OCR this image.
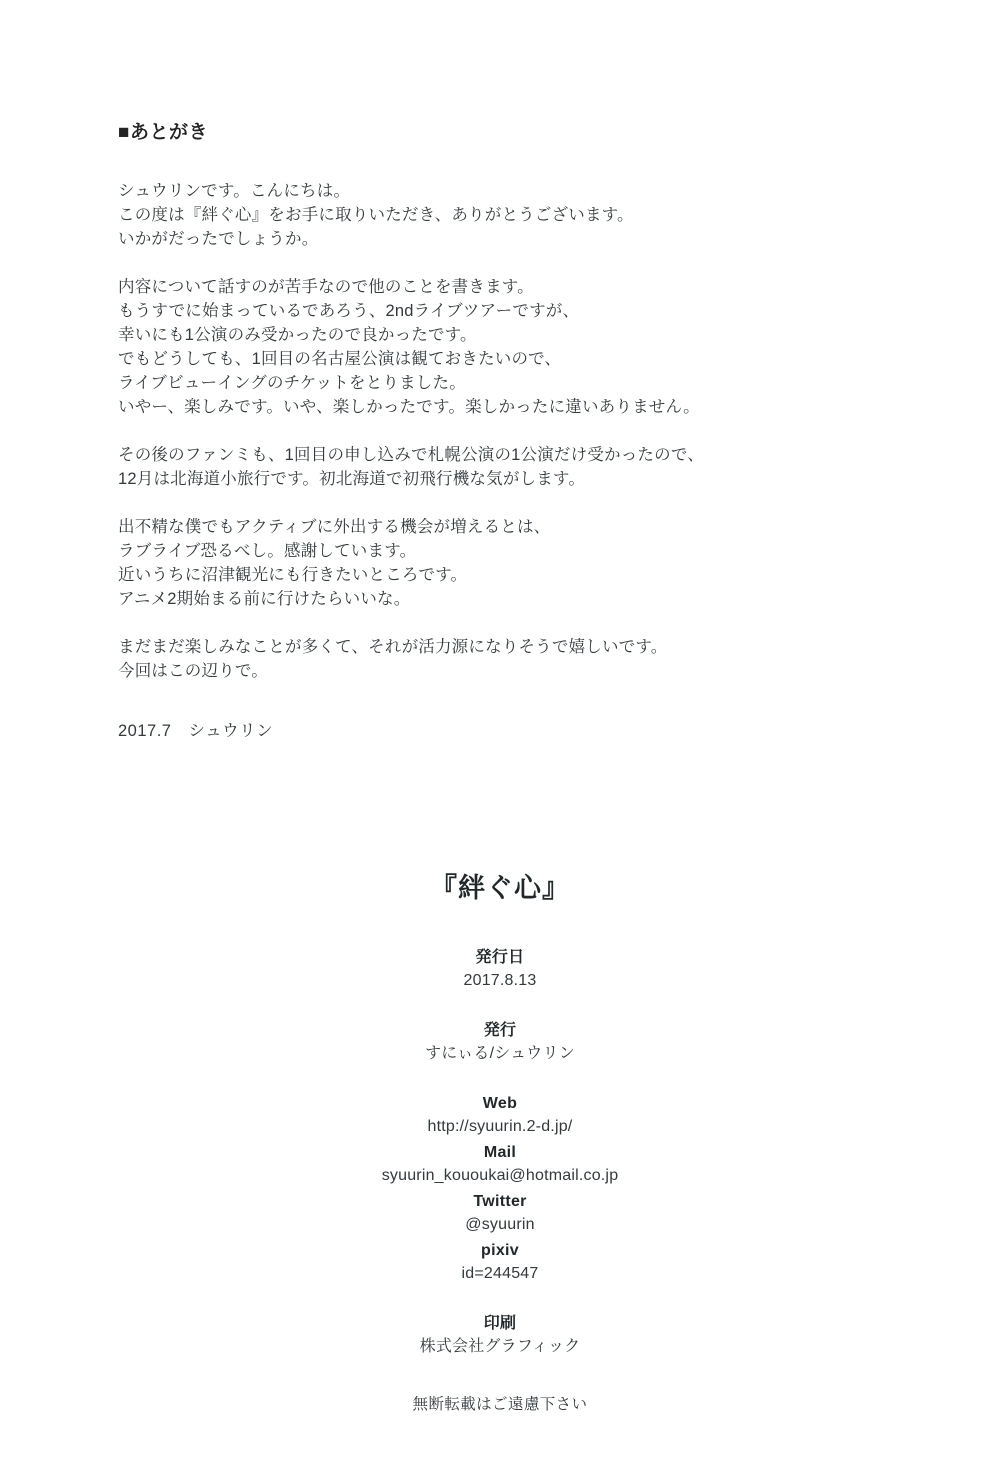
■あとがき

シュウリンです。こんにちは。
この度は『絆ぐ心』をお手に取りいただき、ありがとうございます。
いかがだったでしょうか。

内容について話すのが苦手なので他のことを書きます。
もうすでに始まっているであろう、2ndライブツアーですが、
幸いにも1公演のみ受かったので良かったです。
でもどうしても、1回目の名古屋公演は観ておきたいので、
ライブビューイングのチケットをとりました。
いやー、楽しみです。いや、楽しかったです。楽しかったに違いありません。

その後のファンミも、1回目の申し込みで札幌公演の1公演だけ受かったので、
12月は北海道小旅行です。初北海道で初飛行機な気がします。

出不精な僕でもアクティブに外出する機会が増えるとは、
ラブライブ恐るべし。感謝しています。
近いうちに沼津観光にも行きたいところです。
アニメ2期始まる前に行けたらいいな。

まだまだ楽しみなことが多くて、それが活力源になりそうで嬉しいです。
今回はこの辺りで。

2017.7　シュウリン
『絆ぐ心』
発行日
2017.8.13
発行
すにぃる/シュウリン
Web
http://syuurin.2-d.jp/
Mail
syuurin_kououkai@hotmail.co.jp
Twitter
@syuurin
pixiv
id=244547
印刷
株式会社グラフィック
無断転載はご遠慮下さい
